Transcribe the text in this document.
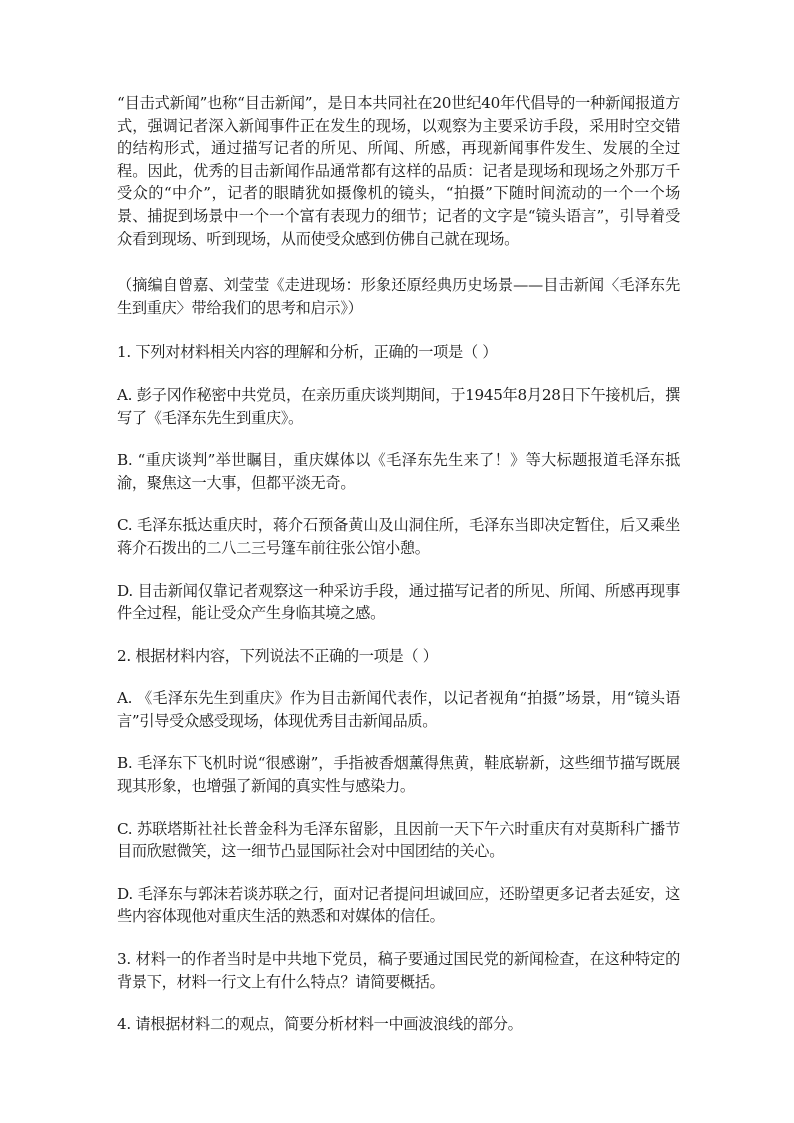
“目击式新闻”也称“目击新闻”，是日本共同社在20世纪40年代倡导的一种新闻报道方式，强调记者深入新闻事件正在发生的现场，以观察为主要采访手段，采用时空交错的结构形式，通过描写记者的所见、所闻、所感，再现新闻事件发生、发展的全过程。因此，优秀的目击新闻作品通常都有这样的品质：记者是现场和现场之外那万千受众的“中介”，记者的眼睛犹如摄像机的镜头，“拍摄”下随时间流动的一个一个场景、捕捉到场景中一个一个富有表现力的细节；记者的文字是“镜头语言”，引导着受众看到现场、听到现场，从而使受众感到仿佛自己就在现场。

（摘编自曾嘉、刘莹莹《走进现场：形象还原经典历史场景——目击新闻〈毛泽东先生到重庆〉带给我们的思考和启示》）

1. 下列对材料相关内容的理解和分析，正确的一项是（ ）

A. 彭子冈作秘密中共党员，在亲历重庆谈判期间，于1945年8月28日下午接机后，撰写了《毛泽东先生到重庆》。

B. “重庆谈判”举世瞩目，重庆媒体以《毛泽东先生来了！》等大标题报道毛泽东抵渝，聚焦这一大事，但都平淡无奇。

C. 毛泽东抵达重庆时，蒋介石预备黄山及山洞住所，毛泽东当即决定暂住，后又乘坐蒋介石拨出的二八二三号篷车前往张公馆小憩。

D. 目击新闻仅靠记者观察这一种采访手段，通过描写记者的所见、所闻、所感再现事件全过程，能让受众产生身临其境之感。

2. 根据材料内容，下列说法不正确的一项是（ ）

A. 《毛泽东先生到重庆》作为目击新闻代表作，以记者视角“拍摄”场景，用“镜头语言”引导受众感受现场，体现优秀目击新闻品质。

B. 毛泽东下飞机时说“很感谢”，手指被香烟薰得焦黄，鞋底崭新，这些细节描写既展现其形象，也增强了新闻的真实性与感染力。

C. 苏联塔斯社社长普金科为毛泽东留影，且因前一天下午六时重庆有对莫斯科广播节目而欣慰微笑，这一细节凸显国际社会对中国团结的关心。

D. 毛泽东与郭沫若谈苏联之行，面对记者提问坦诚回应，还盼望更多记者去延安，这些内容体现他对重庆生活的熟悉和对媒体的信任。

3. 材料一的作者当时是中共地下党员，稿子要通过国民党的新闻检查，在这种特定的背景下，材料一行文上有什么特点？请简要概括。

4. 请根据材料二的观点，简要分析材料一中画波浪线的部分。
